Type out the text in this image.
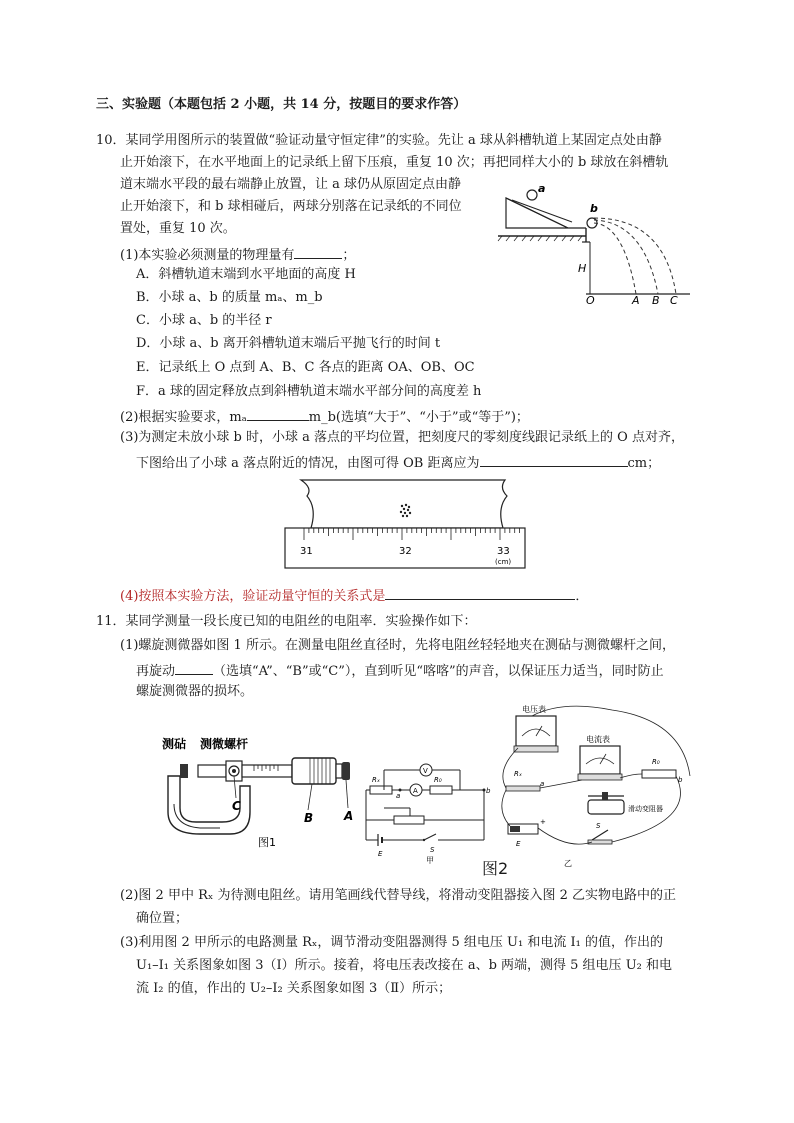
三、实验题（本题包括 2 小题，共 14 分，按题目的要求作答）
10．某同学用图所示的装置做“验证动量守恒定律”的实验。先让 a 球从斜槽轨道上某固定点处由静
止开始滚下，在水平地面上的记录纸上留下压痕，重复 10 次；再把同样大小的 b 球放在斜槽轨
道末端水平段的最右端静止放置，让 a 球仍从原固定点由静
止开始滚下，和 b 球相碰后，两球分别落在记录纸的不同位
置处，重复 10 次。
(1)本实验必须测量的物理量有	；
A．斜槽轨道末端到水平地面的高度 H
B．小球 a、b 的质量 mₐ、m_b
C．小球 a、b 的半径 r
D．小球 a、b 离开斜槽轨道末端后平抛飞行的时间 t
E．记录纸上 O 点到 A、B、C 各点的距离 OA、OB、OC
F．a 球的固定释放点到斜槽轨道末端水平部分间的高度差 h
(2)根据实验要求，mₐ	m_b(选填“大于”、“小于”或“等于”)；
(3)为测定未放小球 b 时，小球 a 落点的平均位置，把刻度尺的零刻度线跟记录纸上的 O 点对齐，
下图给出了小球 a 落点附近的情况，由图可得 OB 距离应为	cm；
a
b
H
O	A B C
31	32	33
(cm)
(4)按照本实验方法，验证动量守恒的关系式是	．
11．某同学测量一段长度已知的电阻丝的电阻率．实验操作如下：
(1)螺旋测微器如图 1 所示。在测量电阻丝直径时，先将电阻丝轻轻地夹在测砧与测微螺杆之间，
再旋动	（选填“A”、“B”或“C”），直到听见“喀喀”的声音，以保证压力适当，同时防止
螺旋测微器的损坏。
测砧 测微螺杆
C
B	A
图1
Rₓ
a
A
R₀
b
V
E	S
甲
电压表
电流表
R₀
b
Rₓ
a
滑动变阻器
+
E
S
乙
图2
(2)图 2 甲中 Rₓ 为待测电阻丝。请用笔画线代替导线，将滑动变阻器接入图 2 乙实物电路中的正
确位置；
(3)利用图 2 甲所示的电路测量 Rₓ，调节滑动变阻器测得 5 组电压 U₁ 和电流 I₁ 的值，作出的
U₁–I₁ 关系图象如图 3（Ⅰ）所示。接着，将电压表改接在 a、b 两端，测得 5 组电压 U₂ 和电
流 I₂ 的值，作出的 U₂–I₂ 关系图象如图 3（Ⅱ）所示；
